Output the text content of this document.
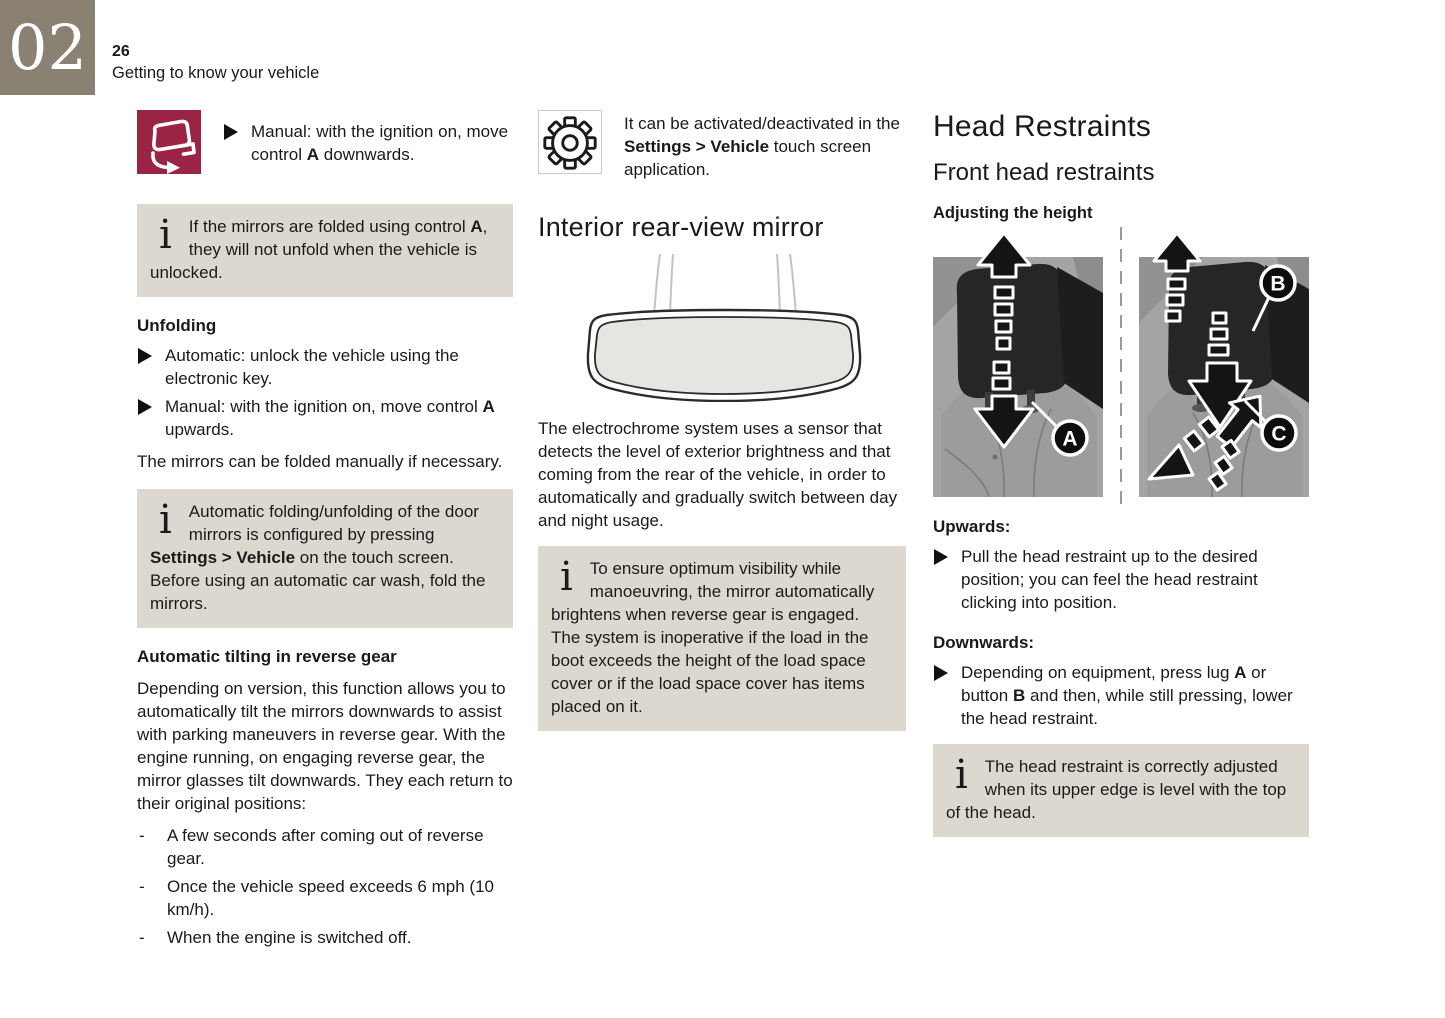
02	26
Getting to know your vehicle
Manual: with the ignition on, move control A downwards.
i If the mirrors are folded using control A, they will not unfold when the vehicle is unlocked.
Unfolding
Automatic: unlock the vehicle using the electronic key.
Manual: with the ignition on, move control A upwards.
The mirrors can be folded manually if necessary.
i Automatic folding/unfolding of the door mirrors is configured by pressing Settings > Vehicle on the touch screen. Before using an automatic car wash, fold the mirrors.
Automatic tilting in reverse gear
Depending on version, this function allows you to automatically tilt the mirrors downwards to assist with parking maneuvers in reverse gear. With the engine running, on engaging reverse gear, the mirror glasses tilt downwards. They each return to their original positions:
-	A few seconds after coming out of reverse gear.
-	Once the vehicle speed exceeds 6 mph (10 km/h).
-	When the engine is switched off.
It can be activated/deactivated in the Settings > Vehicle touch screen application.
Interior rear-view mirror
The electrochrome system uses a sensor that detects the level of exterior brightness and that coming from the rear of the vehicle, in order to automatically and gradually switch between day and night usage.
i To ensure optimum visibility while manoeuvring, the mirror automatically brightens when reverse gear is engaged.
The system is inoperative if the load in the boot exceeds the height of the load space cover or if the load space cover has items placed on it.
Head Restraints
Front head restraints
Adjusting the height
A
B
C
Upwards:
Pull the head restraint up to the desired position; you can feel the head restraint clicking into position.
Downwards:
Depending on equipment, press lug A or button B and then, while still pressing, lower the head restraint.
i The head restraint is correctly adjusted when its upper edge is level with the top of the head.
